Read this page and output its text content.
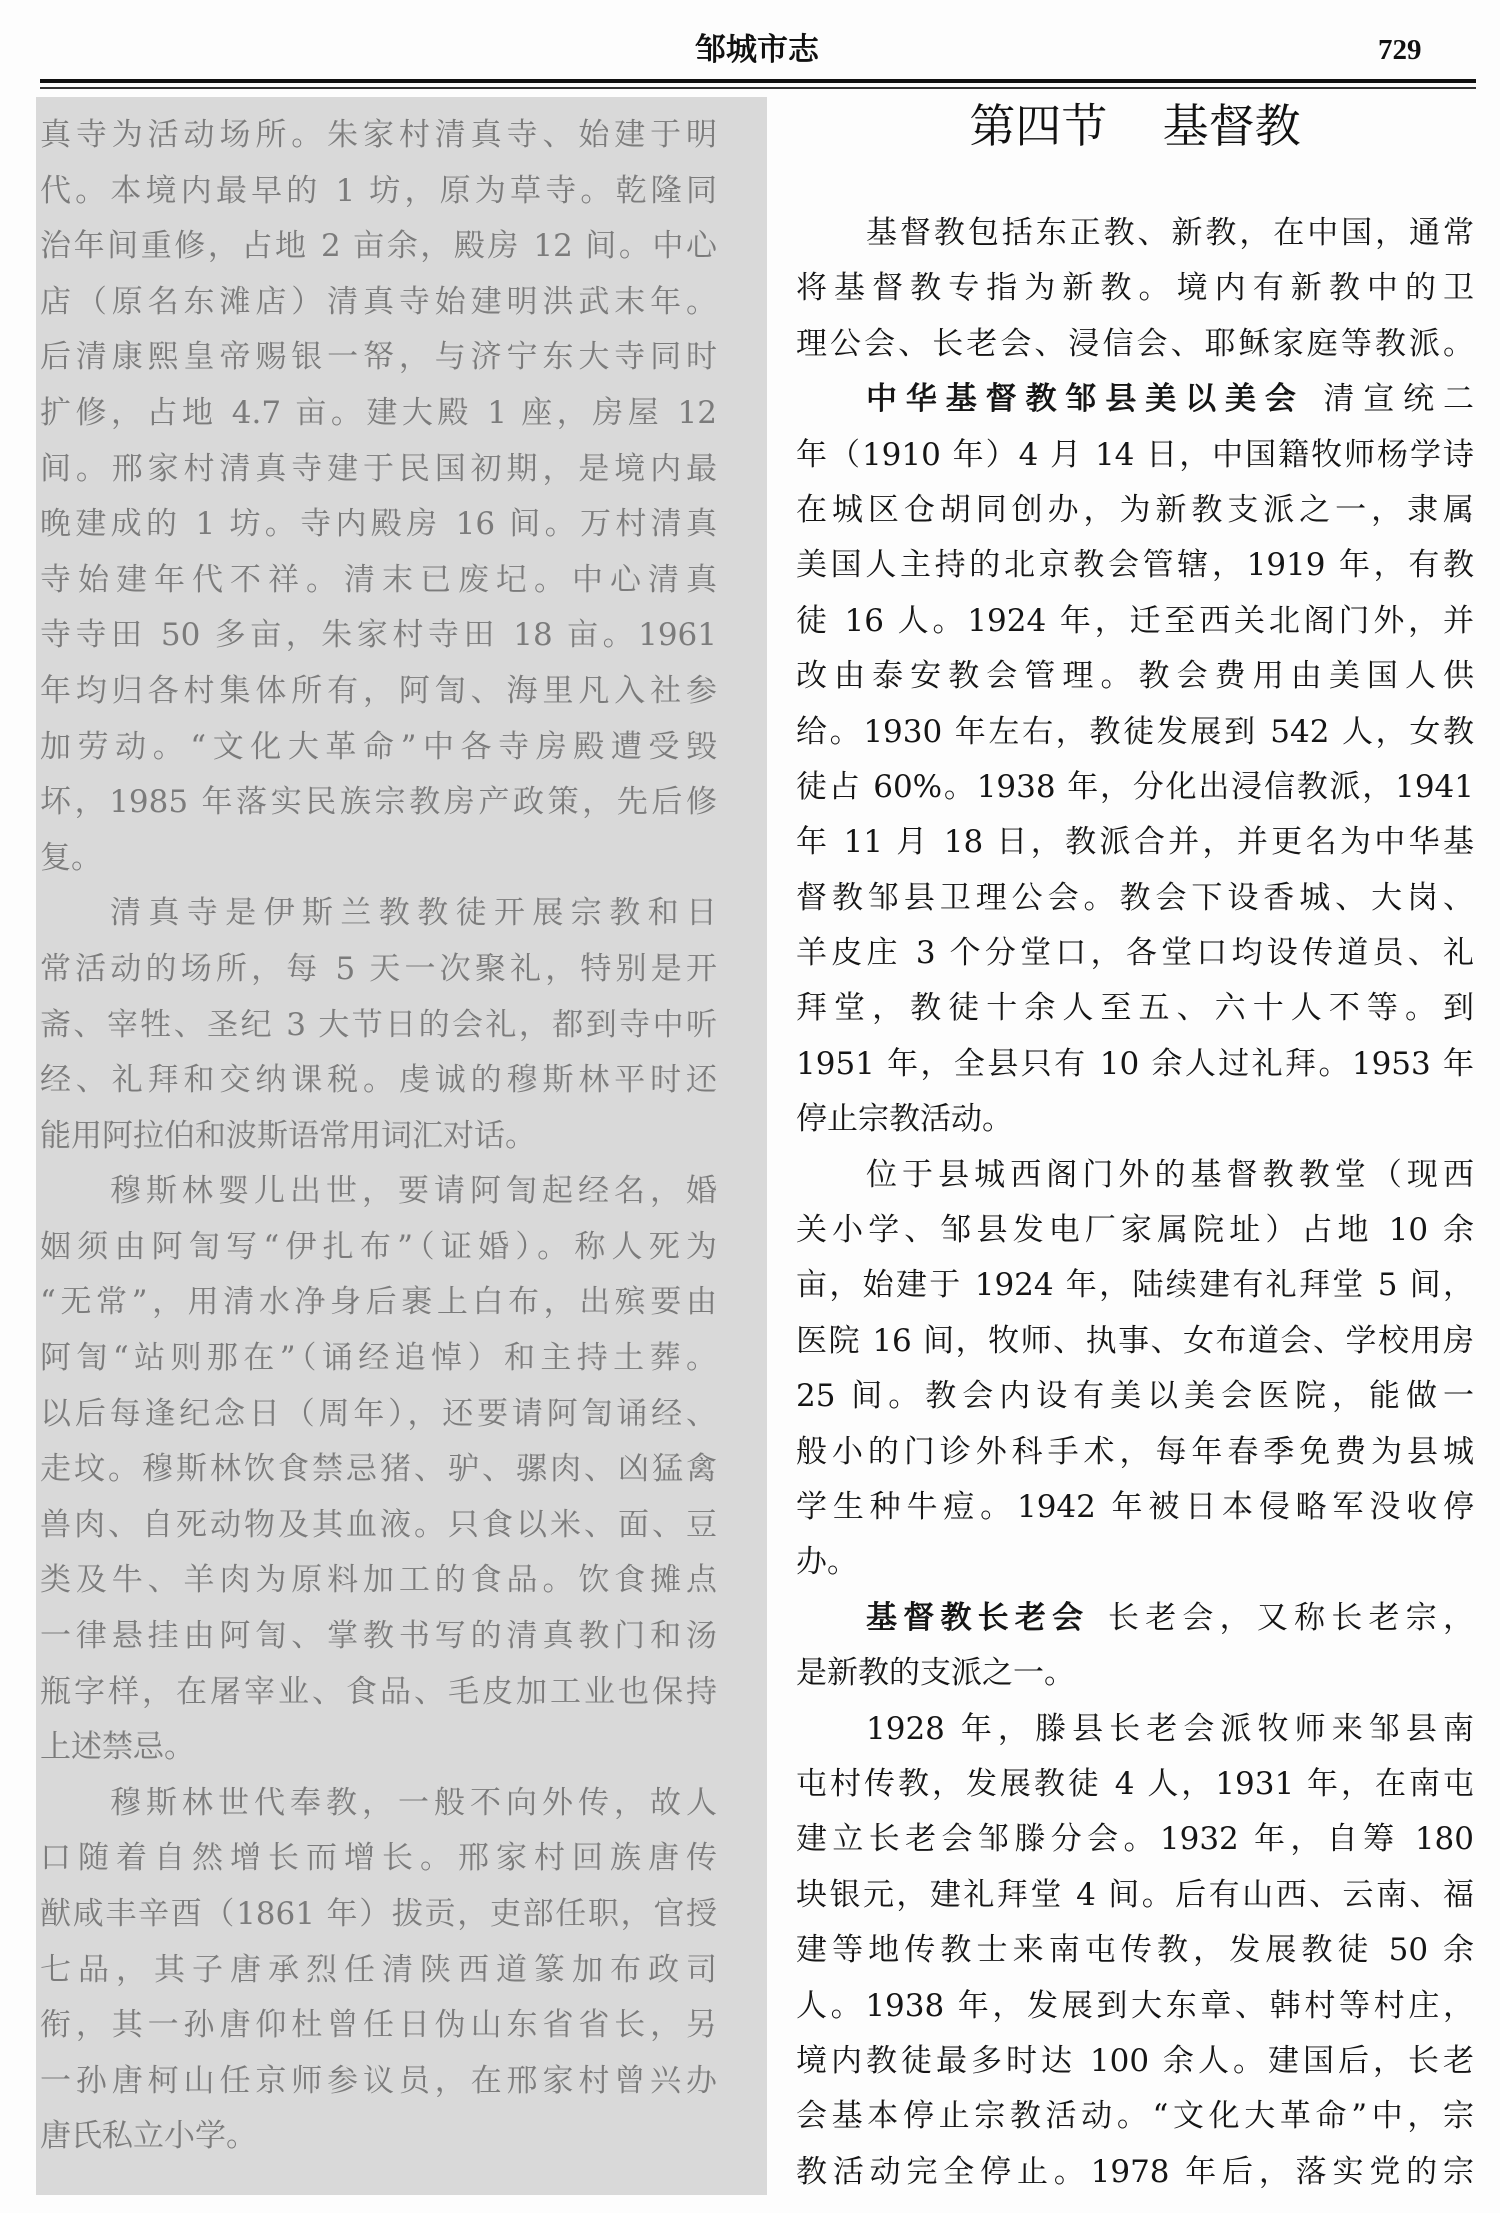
邹城市志	729
真寺为活动场所。朱家村清真寺、始建于明
代。本境内最早的 1 坊，原为草寺。乾隆同
治年间重修，占地 2 亩余，殿房 12 间。中心
店（原名东滩店）清真寺始建明洪武末年。
后清康熙皇帝赐银一帑，与济宁东大寺同时
扩修，占地 4.7 亩。建大殿 1 座，房屋 12
间。邢家村清真寺建于民国初期，是境内最
晚建成的 1 坊。寺内殿房 16 间。万村清真
寺始建年代不祥。清末已废圮。中心清真
寺寺田 50 多亩，朱家村寺田 18 亩。1961
年均归各村集体所有，阿訇、海里凡入社参
加劳动。“文化大革命”中各寺房殿遭受毁
坏，1985 年落实民族宗教房产政策，先后修
复。
清真寺是伊斯兰教教徒开展宗教和日
常活动的场所，每 5 天一次聚礼，特别是开
斋、宰牲、圣纪 3 大节日的会礼，都到寺中听
经、礼拜和交纳课税。虔诚的穆斯林平时还
能用阿拉伯和波斯语常用词汇对话。
穆斯林婴儿出世，要请阿訇起经名，婚
姻须由阿訇写“伊扎布”（证婚）。称人死为
“无常”，用清水净身后裹上白布，出殡要由
阿訇“站则那在”（诵经追悼）和主持土葬。
以后每逢纪念日（周年），还要请阿訇诵经、
走坟。穆斯林饮食禁忌猪、驴、骡肉、凶猛禽
兽肉、自死动物及其血液。只食以米、面、豆
类及牛、羊肉为原料加工的食品。饮食摊点
一律悬挂由阿訇、掌教书写的清真教门和汤
瓶字样，在屠宰业、食品、毛皮加工业也保持
上述禁忌。
穆斯林世代奉教，一般不向外传，故人
口随着自然增长而增长。邢家村回族唐传
猷咸丰辛酉（1861 年）拔贡，吏部任职，官授
七品，其子唐承烈任清陕西道篆加布政司
衔，其一孙唐仰杜曾任日伪山东省省长，另
一孙唐柯山任京师参议员，在邢家村曾兴办
唐氏私立小学。
第四节 基督教
基督教包括东正教、新教，在中国，通常
将基督教专指为新教。境内有新教中的卫
理公会、长老会、浸信会、耶稣家庭等教派。
中华基督教邹县美以美会 清宣统二
年（1910 年）4 月 14 日，中国籍牧师杨学诗
在城区仓胡同创办，为新教支派之一，隶属
美国人主持的北京教会管辖，1919 年，有教
徒 16 人。1924 年，迁至西关北阁门外，并
改由泰安教会管理。教会费用由美国人供
给。1930 年左右，教徒发展到 542 人，女教
徒占 60%。1938 年，分化出浸信教派，1941
年 11 月 18 日，教派合并，并更名为中华基
督教邹县卫理公会。教会下设香城、大岗、
羊皮庄 3 个分堂口，各堂口均设传道员、礼
拜堂，教徒十余人至五、六十人不等。到
1951 年，全县只有 10 余人过礼拜。1953 年
停止宗教活动。
位于县城西阁门外的基督教教堂（现西
关小学、邹县发电厂家属院址）占地 10 余
亩，始建于 1924 年，陆续建有礼拜堂 5 间，
医院 16 间，牧师、执事、女布道会、学校用房
25 间。教会内设有美以美会医院，能做一
般小的门诊外科手术，每年春季免费为县城
学生种牛痘。1942 年被日本侵略军没收停
办。
基督教长老会 长老会，又称长老宗，
是新教的支派之一。
1928 年，滕县长老会派牧师来邹县南
屯村传教，发展教徒 4 人，1931 年，在南屯
建立长老会邹滕分会。1932 年，自筹 180
块银元，建礼拜堂 4 间。后有山西、云南、福
建等地传教士来南屯传教，发展教徒 50 余
人。1938 年，发展到大东章、韩村等村庄，
境内教徒最多时达 100 余人。建国后，长老
会基本停止宗教活动。“文化大革命”中，宗
教活动完全停止。1978 年后，落实党的宗
